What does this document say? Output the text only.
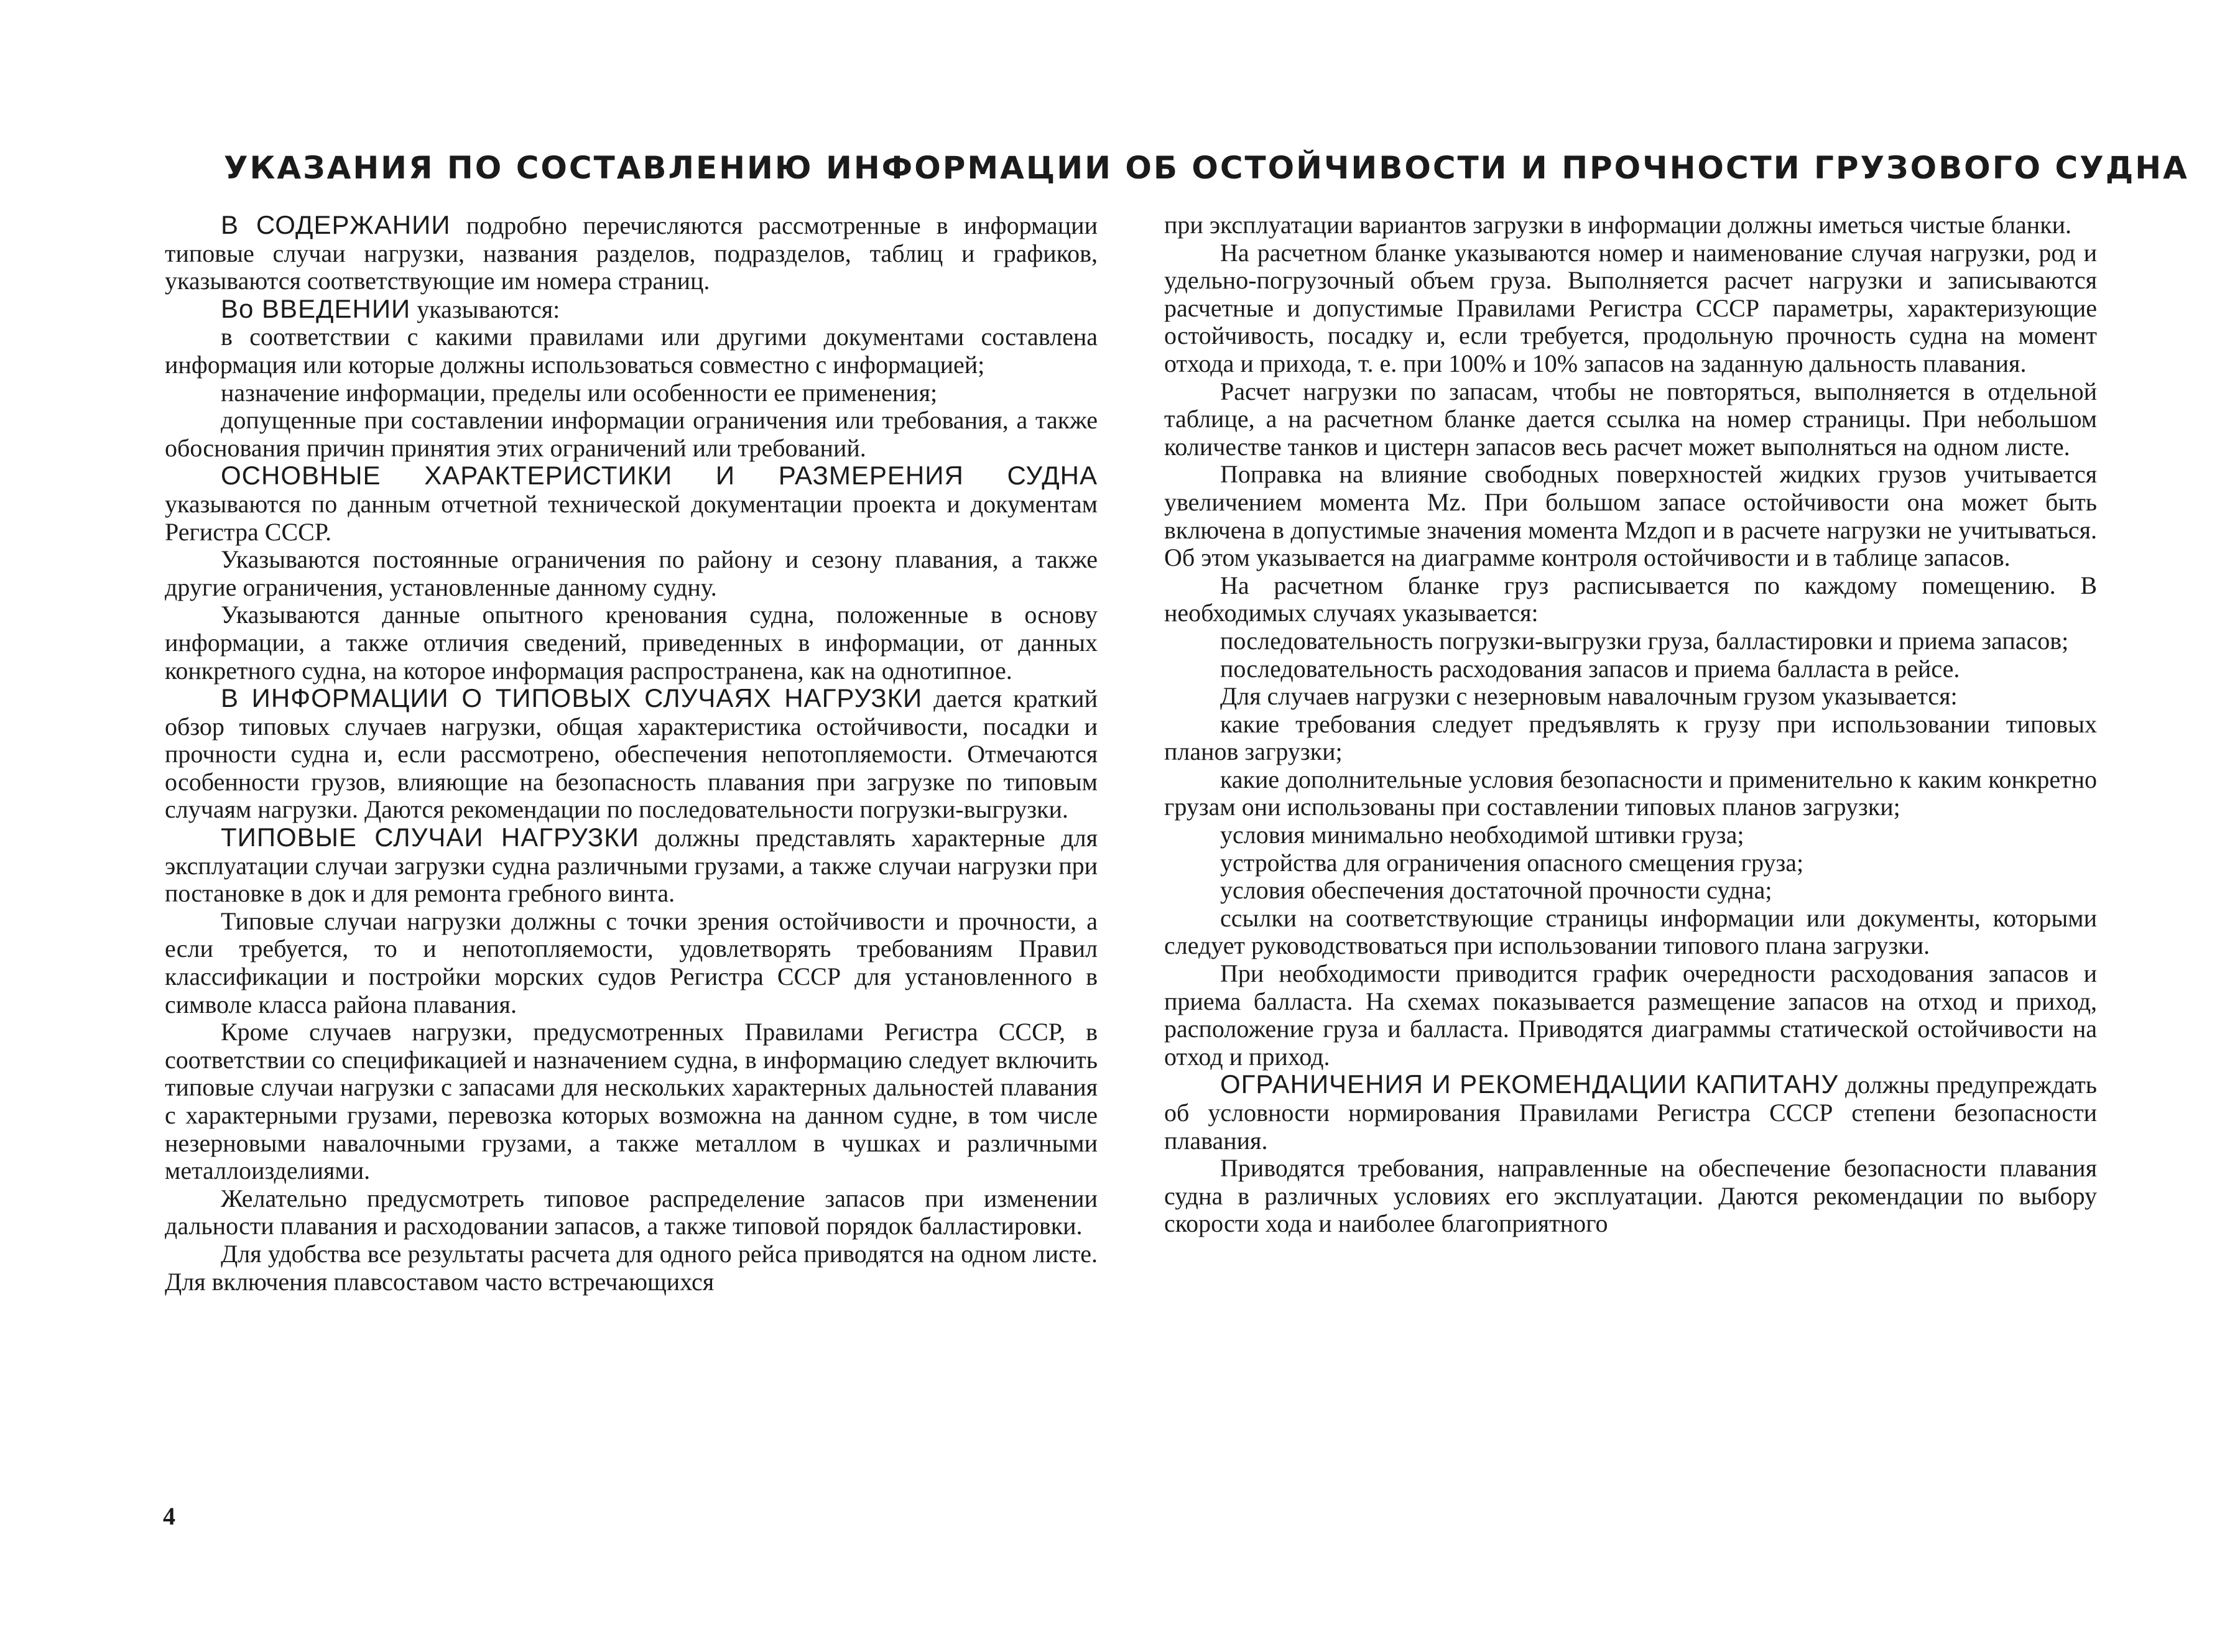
УКАЗАНИЯ ПО СОСТАВЛЕНИЮ ИНФОРМАЦИИ ОБ ОСТОЙЧИВОСТИ И ПРОЧНОСТИ ГРУЗОВОГО СУДНА

В СОДЕРЖАНИИ подробно перечисляются рассмотренные в информации типовые случаи нагрузки, названия разделов, подразделов, таблиц и графиков, указываются соответствующие им номера страниц.

Во ВВЕДЕНИИ указываются:

в соответствии с какими правилами или другими документами составлена информация или которые должны использоваться совместно с информацией;

назначение информации, пределы или особенности ее применения;

допущенные при составлении информации ограничения или требования, а также обоснования причин принятия этих ограничений или требований.

ОСНОВНЫЕ ХАРАКТЕРИСТИКИ И РАЗМЕРЕНИЯ СУДНА указываются по данным отчетной технической документации проекта и документам Регистра СССР.

Указываются постоянные ограничения по району и сезону плавания, а также другие ограничения, установленные данному судну.

Указываются данные опытного кренования судна, положенные в основу информации, а также отличия сведений, приведенных в информации, от данных конкретного судна, на которое информация распространена, как на однотипное.

В ИНФОРМАЦИИ О ТИПОВЫХ СЛУЧАЯХ НАГРУЗКИ дается краткий обзор типовых случаев нагрузки, общая характеристика остойчивости, посадки и прочности судна и, если рассмотрено, обеспечения непотопляемости. Отмечаются особенности грузов, влияющие на безопасность плавания при загрузке по типовым случаям нагрузки. Даются рекомендации по последовательности погрузки-выгрузки.

ТИПОВЫЕ СЛУЧАИ НАГРУЗКИ должны представлять характерные для эксплуатации случаи загрузки судна различными грузами, а также случаи нагрузки при постановке в док и для ремонта гребного винта.

Типовые случаи нагрузки должны с точки зрения остойчивости и прочности, а если требуется, то и непотопляемости, удовлетворять требованиям Правил классификации и постройки морских судов Регистра СССР для установленного в символе класса района плавания.

Кроме случаев нагрузки, предусмотренных Правилами Регистра СССР, в соответствии со спецификацией и назначением судна, в информацию следует включить типовые случаи нагрузки с запасами для нескольких характерных дальностей плавания с характерными грузами, перевозка которых возможна на данном судне, в том числе незерновыми навалочными грузами, а также металлом в чушках и различными металлоизделиями.

Желательно предусмотреть типовое распределение запасов при изменении дальности плавания и расходовании запасов, а также типовой порядок балластировки.

Для удобства все результаты расчета для одного рейса приводятся на одном листе. Для включения плавсоставом часто встречающихся

при эксплуатации вариантов загрузки в информации должны иметься чистые бланки.

На расчетном бланке указываются номер и наименование случая нагрузки, род и удельно-погрузочный объем груза. Выполняется расчет нагрузки и записываются расчетные и допустимые Правилами Регистра СССР параметры, характеризующие остойчивость, посадку и, если требуется, продольную прочность судна на момент отхода и прихода, т. е. при 100% и 10% запасов на заданную дальность плавания.

Расчет нагрузки по запасам, чтобы не повторяться, выполняется в отдельной таблице, а на расчетном бланке дается ссылка на номер страницы. При небольшом количестве танков и цистерн запасов весь расчет может выполняться на одном листе.

Поправка на влияние свободных поверхностей жидких грузов учитывается увеличением момента Mz. При большом запасе остойчивости она может быть включена в допустимые значения момента Mzдоп и в расчете нагрузки не учитываться. Об этом указывается на диаграмме контроля остойчивости и в таблице запасов.

На расчетном бланке груз расписывается по каждому помещению. В необходимых случаях указывается:

последовательность погрузки-выгрузки груза, балластировки и приема запасов;

последовательность расходования запасов и приема балласта в рейсе.

Для случаев нагрузки с незерновым навалочным грузом указывается:

какие требования следует предъявлять к грузу при использовании типовых планов загрузки;

какие дополнительные условия безопасности и применительно к каким конкретно грузам они использованы при составлении типовых планов загрузки;

условия минимально необходимой штивки груза;

устройства для ограничения опасного смещения груза;

условия обеспечения достаточной прочности судна;

ссылки на соответствующие страницы информации или документы, которыми следует руководствоваться при использовании типового плана загрузки.

При необходимости приводится график очередности расходования запасов и приема балласта. На схемах показывается размещение запасов на отход и приход, расположение груза и балласта. Приводятся диаграммы статической остойчивости на отход и приход.

ОГРАНИЧЕНИЯ И РЕКОМЕНДАЦИИ КАПИТАНУ должны предупреждать об условности нормирования Правилами Регистра СССР степени безопасности плавания.

Приводятся требования, направленные на обеспечение безопасности плавания судна в различных условиях его эксплуатации. Даются рекомендации по выбору скорости хода и наиболее благоприятного

4
